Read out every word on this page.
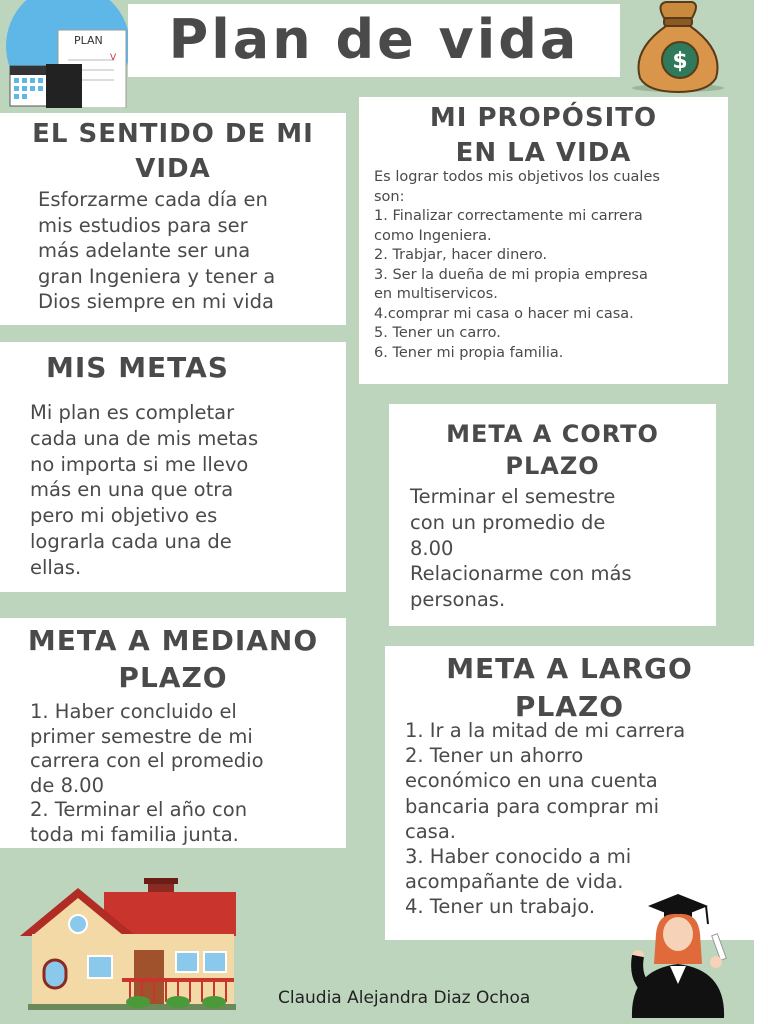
V
PLAN	Plan de vida	$
EL SENTIDO DE MI
VIDA
Esforzarme cada día en
mis estudios para ser
más adelante ser una
gran Ingeniera y tener a
Dios siempre en mi vida
MI PROPÓSITO
EN LA VIDA
Es lograr todos mis objetivos los cuales
son:
1. Finalizar correctamente mi carrera
como Ingeniera.
2. Trabjar, hacer dinero.
3. Ser la dueña de mi propia empresa
en multiservicos.
4.comprar mi casa o hacer mi casa.
5. Tener un carro.
6. Tener mi propia familia.
MIS METAS
Mi plan es completar
cada una de mis metas
no importa si me llevo
más en una que otra
pero mi objetivo es
lograrla cada una de
ellas.
META A CORTO
PLAZO
Terminar el semestre
con un promedio de
8.00
Relacionarme con más
personas.
META A MEDIANO
PLAZO
1. Haber concluido el
primer semestre de mi
carrera con el promedio
de 8.00
2. Terminar el año con
toda mi familia junta.
META A LARGO
PLAZO
1. Ir a la mitad de mi carrera
2. Tener un ahorro
económico en una cuenta
bancaria para comprar mi
casa.
3. Haber conocido a mi
acompañante de vida.
4. Tener un trabajo.
Claudia Alejandra Diaz Ochoa
